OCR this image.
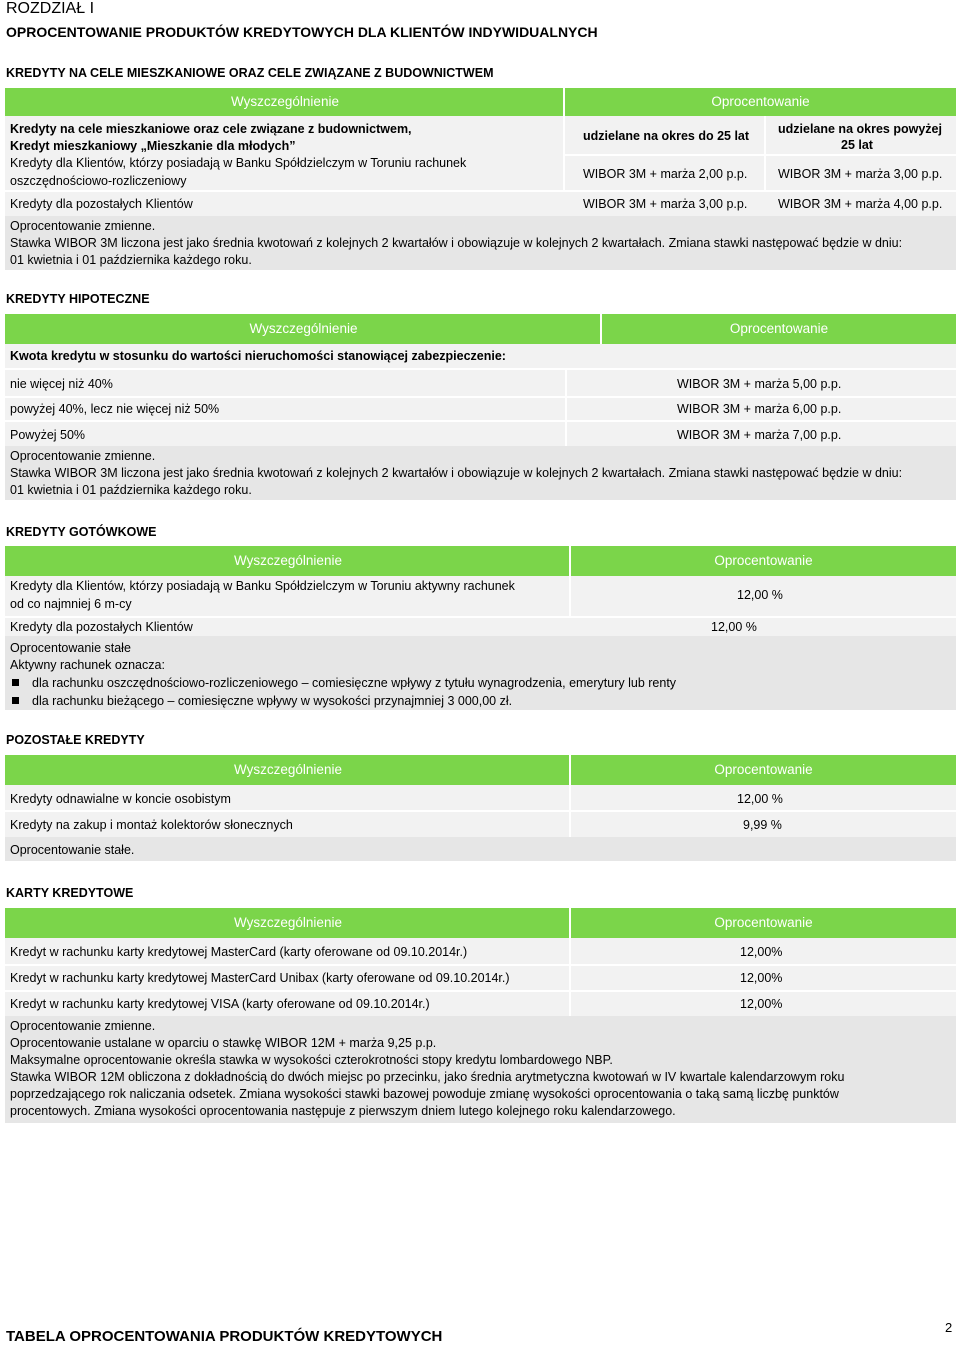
ROZDZIAŁ I
OPROCENTOWANIE PRODUKTÓW KREDYTOWYCH DLA KLIENTÓW INDYWIDUALNYCH
KREDYTY NA CELE MIESZKANIOWE ORAZ CELE ZWIĄZANE Z BUDOWNICTWEM
Wyszczególnienie	Oprocentowanie
Kredyty na cele mieszkaniowe oraz cele związane z budownictwem,
Kredyt mieszkaniowy „Mieszkanie dla młodych”
Kredyty dla Klientów, którzy posiadają w Banku Spółdzielczym w Toruniu rachunek
oszczędnościowo-rozliczeniowy
udzielane na okres do 25 lat udzielane na okres powyżej
25 lat
WIBOR 3M + marża 2,00 p.p. WIBOR 3M + marża 3,00 p.p.
Kredyty dla pozostałych Klientów	WIBOR 3M + marża 3,00 p.p. WIBOR 3M + marża 4,00 p.p.
Oprocentowanie zmienne.
Stawka WIBOR 3M liczona jest jako średnia kwotowań z kolejnych 2 kwartałów i obowiązuje w kolejnych 2 kwartałach. Zmiana stawki następować będzie w dniu:
01 kwietnia i 01 października każdego roku.
KREDYTY HIPOTECZNE
Wyszczególnienie	Oprocentowanie
Kwota kredytu w stosunku do wartości nieruchomości stanowiącej zabezpieczenie:
nie więcej niż 40%	WIBOR 3M + marża 5,00 p.p.
powyżej 40%, lecz nie więcej niż 50%	WIBOR 3M + marża 6,00 p.p.
Powyżej 50%	WIBOR 3M + marża 7,00 p.p.
Oprocentowanie zmienne.
Stawka WIBOR 3M liczona jest jako średnia kwotowań z kolejnych 2 kwartałów i obowiązuje w kolejnych 2 kwartałach. Zmiana stawki następować będzie w dniu:
01 kwietnia i 01 października każdego roku.
KREDYTY GOTÓWKOWE
Wyszczególnienie	Oprocentowanie
Kredyty dla Klientów, którzy posiadają w Banku Spółdzielczym w Toruniu aktywny rachunek
od co najmniej 6 m-cy
12,00 %
Kredyty dla pozostałych Klientów	12,00 %
Oprocentowanie stałe
Aktywny rachunek oznacza:
dla rachunku oszczędnościowo-rozliczeniowego – comiesięczne wpływy z tytułu wynagrodzenia, emerytury lub renty
dla rachunku bieżącego – comiesięczne wpływy w wysokości przynajmniej 3 000,00 zł.
POZOSTAŁE KREDYTY
Wyszczególnienie	Oprocentowanie
Kredyty odnawialne w koncie osobistym	12,00 %
Kredyty na zakup i montaż kolektorów słonecznych	9,99 %
Oprocentowanie stałe.
KARTY KREDYTOWE
Wyszczególnienie	Oprocentowanie
Kredyt w rachunku karty kredytowej MasterCard (karty oferowane od 09.10.2014r.)	12,00%
Kredyt w rachunku karty kredytowej MasterCard Unibax (karty oferowane od 09.10.2014r.)	12,00%
Kredyt w rachunku karty kredytowej VISA (karty oferowane od 09.10.2014r.)	12,00%
Oprocentowanie zmienne.
Oprocentowanie ustalane w oparciu o stawkę WIBOR 12M + marża 9,25 p.p.
Maksymalne oprocentowanie określa stawka w wysokości czterokrotności stopy kredytu lombardowego NBP.
Stawka WIBOR 12M obliczona z dokładnością do dwóch miejsc po przecinku, jako średnia arytmetyczna kwotowań w IV kwartale kalendarzowym roku
poprzedzającego rok naliczania odsetek. Zmiana wysokości stawki bazowej powoduje zmianę wysokości oprocentowania o taką samą liczbę punktów
procentowych. Zmiana wysokości oprocentowania następuje z pierwszym dniem lutego kolejnego roku kalendarzowego.
2
TABELA OPROCENTOWANIA PRODUKTÓW KREDYTOWYCH
